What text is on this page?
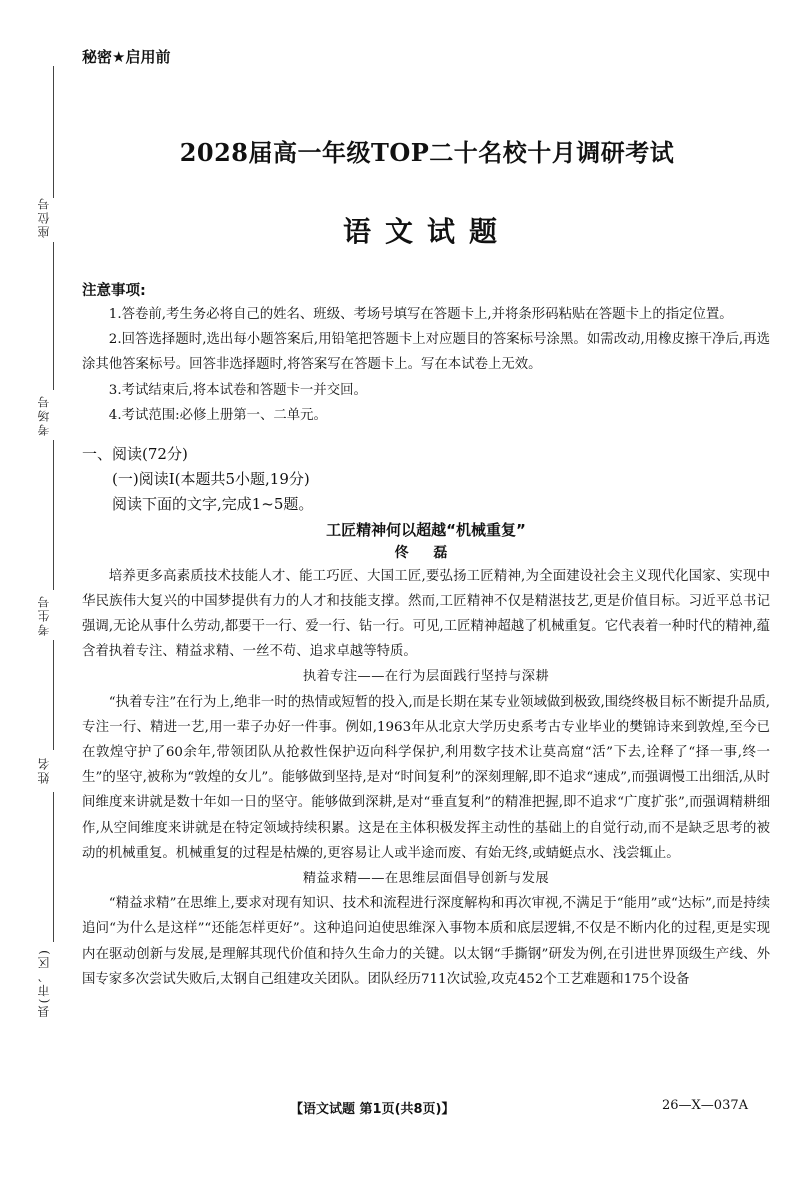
座位号
考场号
考生号
姓名
县(市、区)
秘密★启用前
2028届高一年级TOP二十名校十月调研考试
语文试题

注意事项:

1.答卷前,考生务必将自己的姓名、班级、考场号填写在答题卡上,并将条形码粘贴在答题卡上的指定位置。

2.回答选择题时,选出每小题答案后,用铅笔把答题卡上对应题目的答案标号涂黑。如需改动,用橡皮擦干净后,再选涂其他答案标号。回答非选择题时,将答案写在答题卡上。写在本试卷上无效。

3.考试结束后,将本试卷和答题卡一并交回。

4.考试范围:必修上册第一、二单元。

一、阅读(72分)

(一)阅读Ⅰ(本题共5小题,19分)

阅读下面的文字,完成1~5题。

工匠精神何以超越“机械重复”

佟 磊

培养更多高素质技术技能人才、能工巧匠、大国工匠,要弘扬工匠精神,为全面建设社会主义现代化国家、实现中华民族伟大复兴的中国梦提供有力的人才和技能支撑。然而,工匠精神不仅是精湛技艺,更是价值目标。习近平总书记强调,无论从事什么劳动,都要干一行、爱一行、钻一行。可见,工匠精神超越了机械重复。它代表着一种时代的精神,蕴含着执着专注、精益求精、一丝不苟、追求卓越等特质。

执着专注——在行为层面践行坚持与深耕

“执着专注”在行为上,绝非一时的热情或短暂的投入,而是长期在某专业领域做到极致,围绕终极目标不断提升品质,专注一行、精进一艺,用一辈子办好一件事。例如,1963年从北京大学历史系考古专业毕业的樊锦诗来到敦煌,至今已在敦煌守护了60余年,带领团队从抢救性保护迈向科学保护,利用数字技术让莫高窟“活”下去,诠释了“择一事,终一生”的坚守,被称为“敦煌的女儿”。能够做到坚持,是对“时间复利”的深刻理解,即不追求“速成”,而强调慢工出细活,从时间维度来讲就是数十年如一日的坚守。能够做到深耕,是对“垂直复利”的精准把握,即不追求“广度扩张”,而强调精耕细作,从空间维度来讲就是在特定领域持续积累。这是在主体积极发挥主动性的基础上的自觉行动,而不是缺乏思考的被动的机械重复。机械重复的过程是枯燥的,更容易让人或半途而废、有始无终,或蜻蜓点水、浅尝辄止。

精益求精——在思维层面倡导创新与发展

“精益求精”在思维上,要求对现有知识、技术和流程进行深度解构和再次审视,不满足于“能用”或“达标”,而是持续追问“为什么是这样”“还能怎样更好”。这种追问迫使思维深入事物本质和底层逻辑,不仅是不断内化的过程,更是实现内在驱动创新与发展,是理解其现代价值和持久生命力的关键。以太钢“手撕钢”研发为例,在引进世界顶级生产线、外国专家多次尝试失败后,太钢自己组建攻关团队。团队经历711次试验,攻克452个工艺难题和175个设备

【语文试题 第1页(共8页)】	26—X—037A
